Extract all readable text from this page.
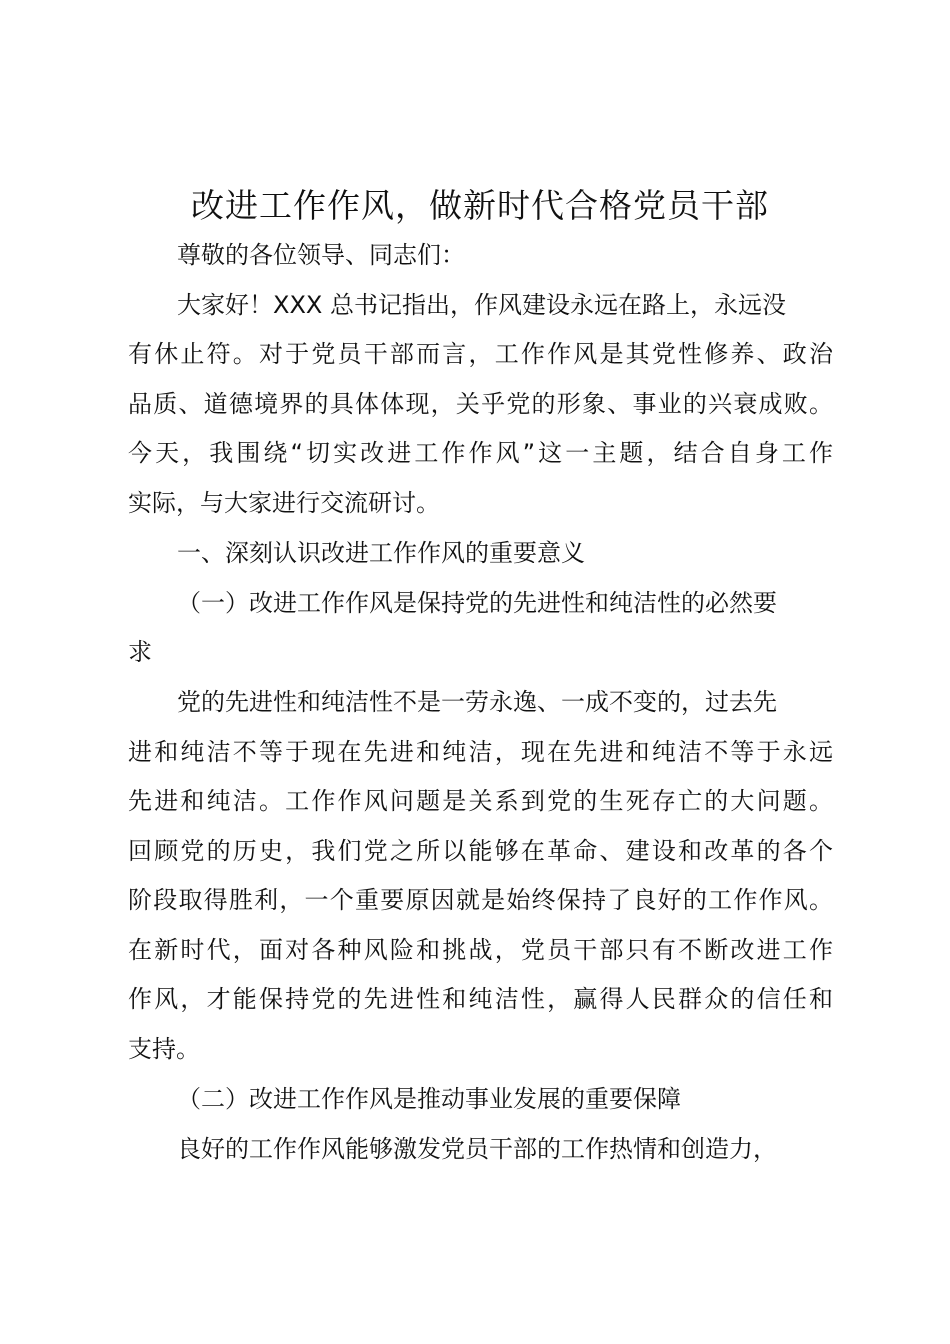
改进工作作风，做新时代合格党员干部
尊敬的各位领导、同志们：
大家好！XXX 总书记指出，作风建设永远在路上，永远没
有休止符。对于党员干部而言，工作作风是其党性修养、政治
品质、道德境界的具体体现，关乎党的形象、事业的兴衰成败。
今天，我围绕“切实改进工作作风”这一主题，结合自身工作
实际，与大家进行交流研讨。
一、深刻认识改进工作作风的重要意义
（一）改进工作作风是保持党的先进性和纯洁性的必然要
求
党的先进性和纯洁性不是一劳永逸、一成不变的，过去先
进和纯洁不等于现在先进和纯洁，现在先进和纯洁不等于永远
先进和纯洁。工作作风问题是关系到党的生死存亡的大问题。
回顾党的历史，我们党之所以能够在革命、建设和改革的各个
阶段取得胜利，一个重要原因就是始终保持了良好的工作作风。
在新时代，面对各种风险和挑战，党员干部只有不断改进工作
作风，才能保持党的先进性和纯洁性，赢得人民群众的信任和
支持。
（二）改进工作作风是推动事业发展的重要保障
良好的工作作风能够激发党员干部的工作热情和创造力，
